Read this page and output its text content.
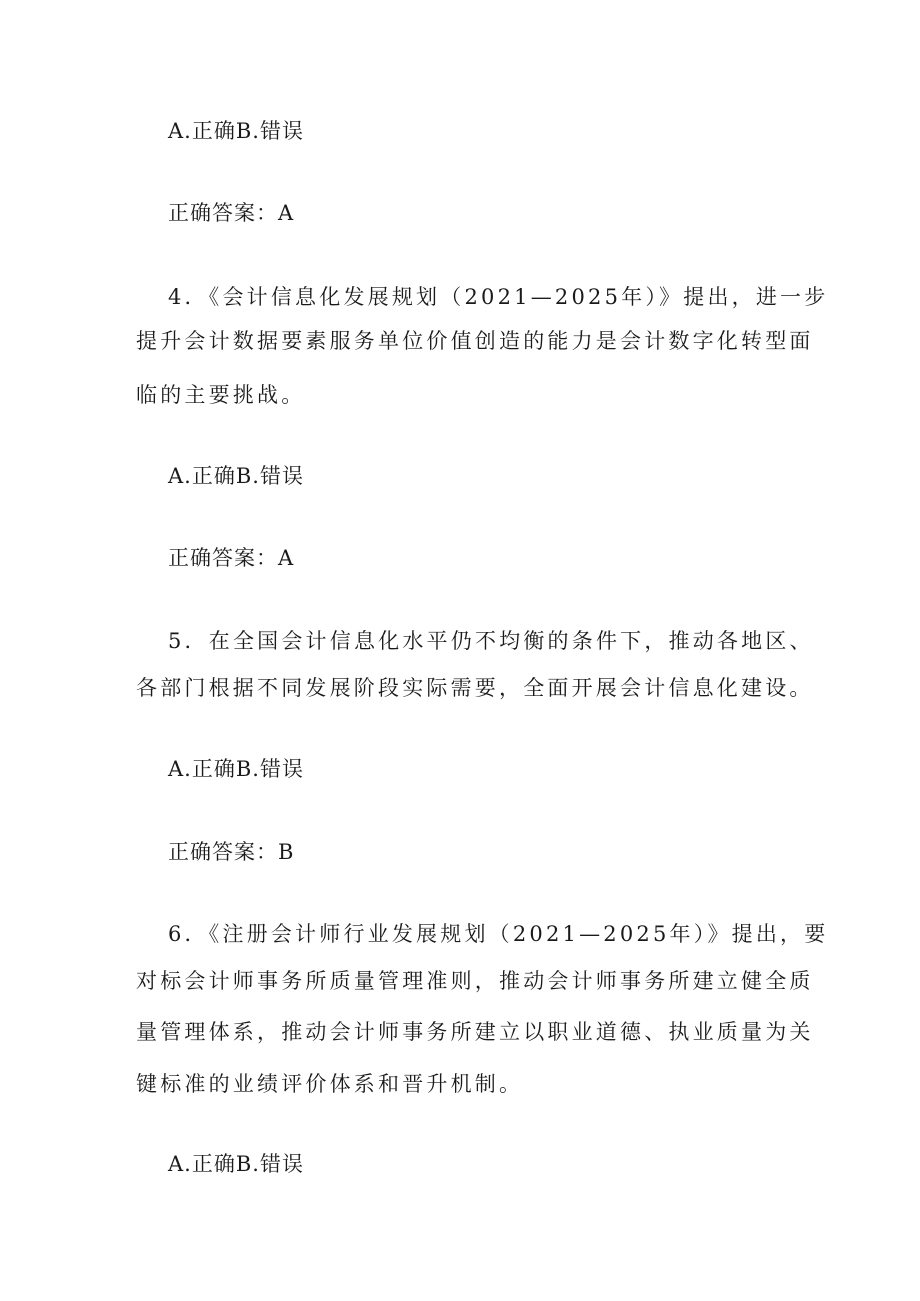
A.正确B.错误
正确答案：A
4．《会计信息化发展规划（2021—2025年）》提出，进一步
提升会计数据要素服务单位价值创造的能力是会计数字化转型面
临的主要挑战。
A.正确B.错误
正确答案：A
5．在全国会计信息化水平仍不均衡的条件下，推动各地区、
各部门根据不同发展阶段实际需要，全面开展会计信息化建设。
A.正确B.错误
正确答案：B
6．《注册会计师行业发展规划（2021—2025年）》提出，要
对标会计师事务所质量管理准则，推动会计师事务所建立健全质
量管理体系，推动会计师事务所建立以职业道德、执业质量为关
键标准的业绩评价体系和晋升机制。
A.正确B.错误
